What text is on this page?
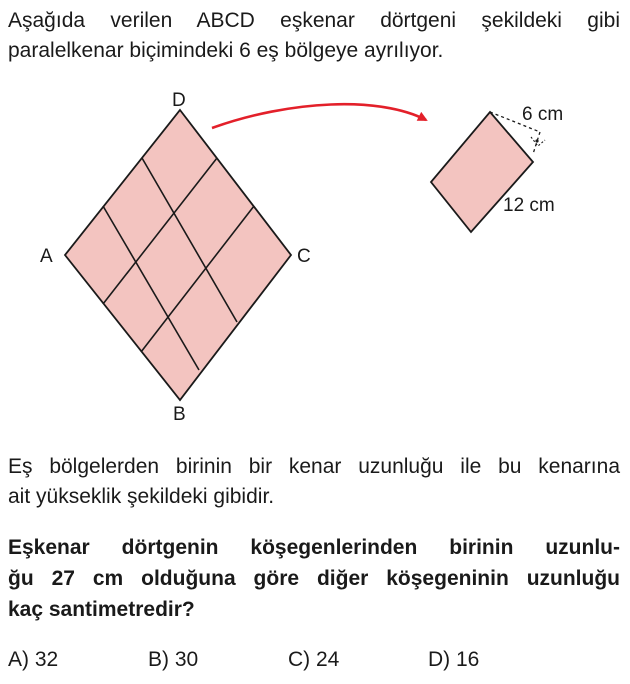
Aşağıda verilen ABCD eşkenar dörtgeni şekildeki gibi
paralelkenar biçimindeki 6 eş bölgeye ayrılıyor.

D
A	C
B
6 cm
12 cm

Eş bölgelerden birinin bir kenar uzunluğu ile bu kenarına
ait yükseklik şekildeki gibidir.

Eşkenar dörtgenin köşegenlerinden birinin uzunlu-
ğu 27 cm olduğuna göre diğer köşegeninin uzunluğu
kaç santimetredir?

A) 32	B) 30	C) 24	D) 16
